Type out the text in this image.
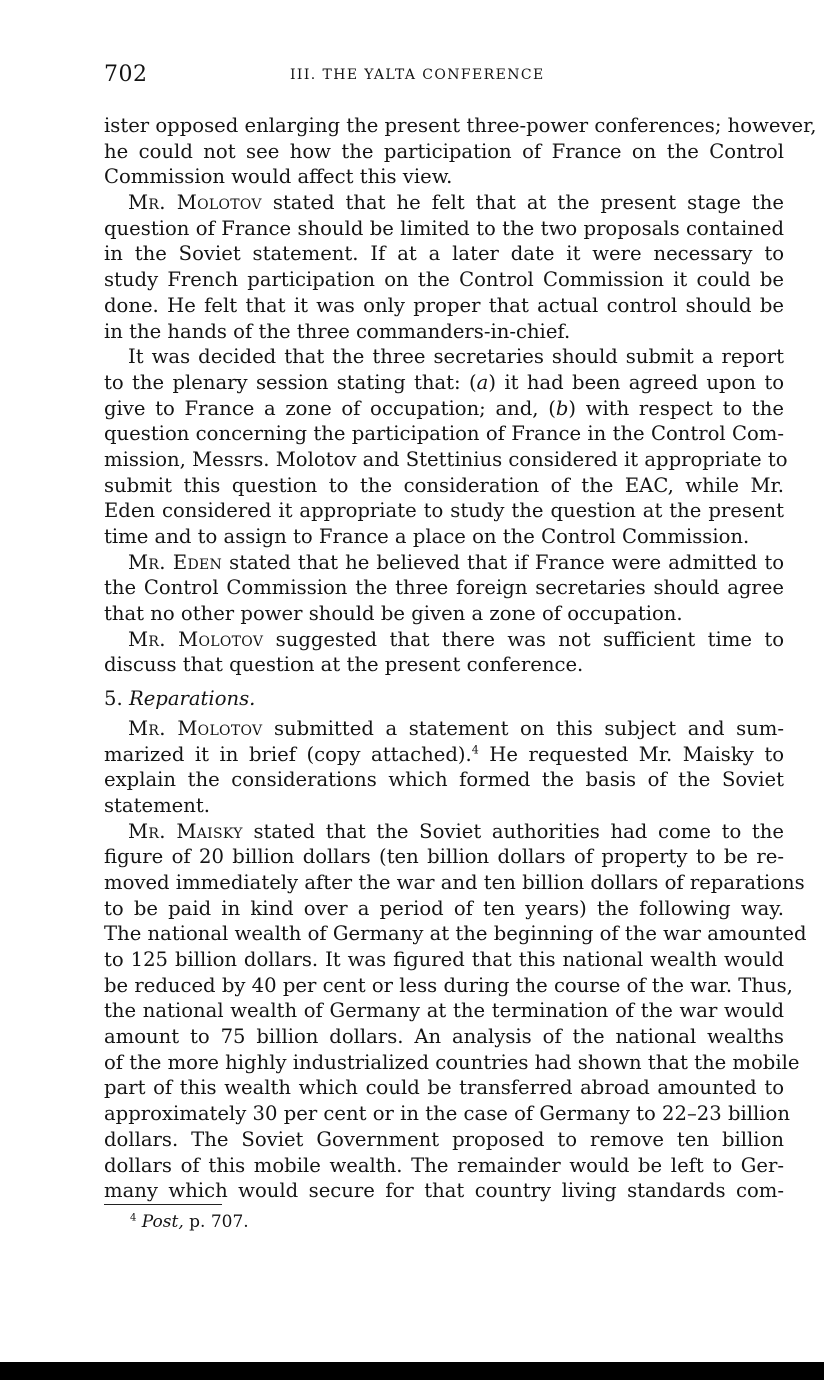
702	III. THE YALTA CONFERENCE
ister opposed enlarging the present three-power conferences; however,
he could not see how the participation of France on the Control
Commission would affect this view.
Mr. Molotov stated that he felt that at the present stage the
question of France should be limited to the two proposals contained
in the Soviet statement. If at a later date it were necessary to
study French participation on the Control Commission it could be
done. He felt that it was only proper that actual control should be
in the hands of the three commanders-in-chief.
It was decided that the three secretaries should submit a report
to the plenary session stating that: (a) it had been agreed upon to
give to France a zone of occupation; and, (b) with respect to the
question concerning the participation of France in the Control Com-
mission, Messrs. Molotov and Stettinius considered it appropriate to
submit this question to the consideration of the EAC, while Mr.
Eden considered it appropriate to study the question at the present
time and to assign to France a place on the Control Commission.
Mr. Eden stated that he believed that if France were admitted to
the Control Commission the three foreign secretaries should agree
that no other power should be given a zone of occupation.
Mr. Molotov suggested that there was not sufficient time to
discuss that question at the present conference.
5. Reparations.
Mr. Molotov submitted a statement on this subject and sum-
marized it in brief (copy attached).$^4$ He requested Mr. Maisky to
explain the considerations which formed the basis of the Soviet
statement.
Mr. Maisky stated that the Soviet authorities had come to the
figure of 20 billion dollars (ten billion dollars of property to be re-
moved immediately after the war and ten billion dollars of reparations
to be paid in kind over a period of ten years) the following way.
The national wealth of Germany at the beginning of the war amounted
to 125 billion dollars. It was figured that this national wealth would
be reduced by 40 per cent or less during the course of the war. Thus,
the national wealth of Germany at the termination of the war would
amount to 75 billion dollars. An analysis of the national wealths
of the more highly industrialized countries had shown that the mobile
part of this wealth which could be transferred abroad amounted to
approximately 30 per cent or in the case of Germany to 22–23 billion
dollars. The Soviet Government proposed to remove ten billion
dollars of this mobile wealth. The remainder would be left to Ger-
many which would secure for that country living standards com-
$^4$ Post, p. 707.
